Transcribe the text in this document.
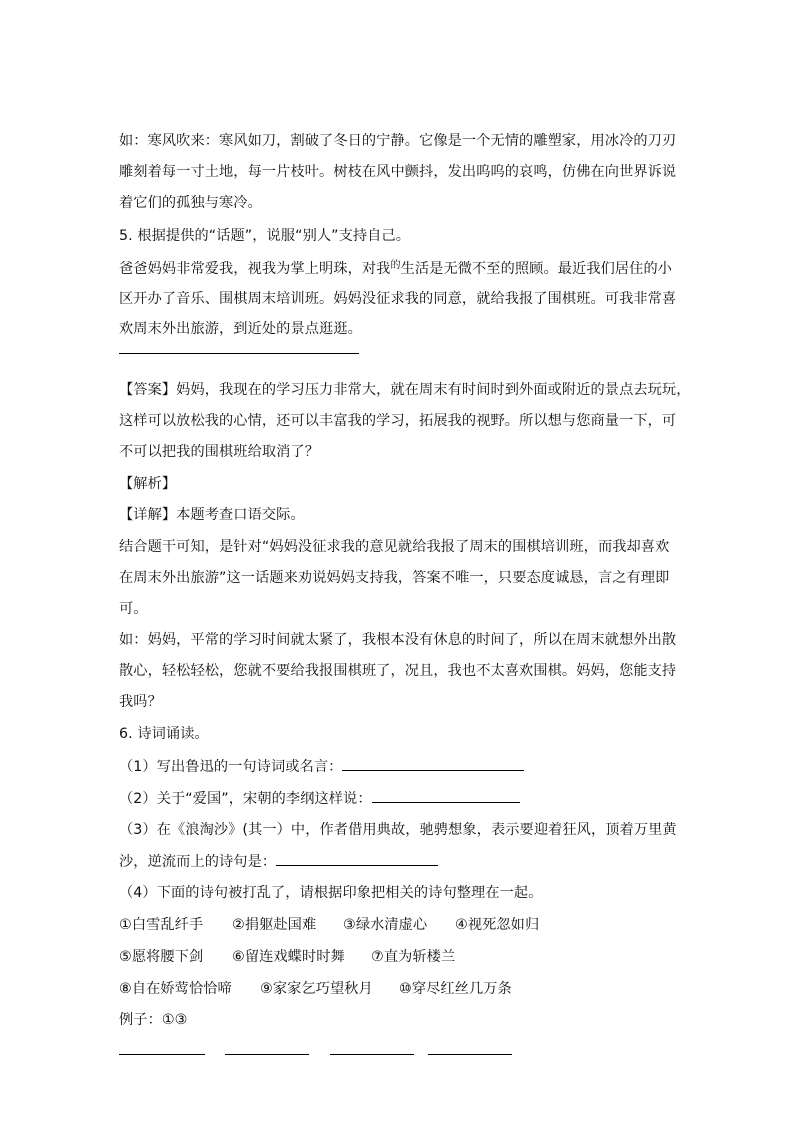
如：寒风吹来：寒风如刀，割破了冬日的宁静。它像是一个无情的雕塑家，用冰冷的刀刃
雕刻着每一寸土地，每一片枝叶。树枝在风中颤抖，发出呜呜的哀鸣，仿佛在向世界诉说
着它们的孤独与寒冷。
5. 根据提供的“话题”，说服“别人”支持自己。
爸爸妈妈非常爱我，视我为掌上明珠，对我$^的$生活是无微不至的照顾。最近我们居住的小
区开办了音乐、围棋周末培训班。妈妈没征求我的同意，就给我报了围棋班。可我非常喜
欢周末外出旅游，到近处的景点逛逛。
【答案】妈妈，我现在的学习压力非常大，就在周末有时间时到外面或附近的景点去玩玩，
这样可以放松我的心情，还可以丰富我的学习，拓展我的视野。所以想与您商量一下，可
不可以把我的围棋班给取消了？
【解析】
【详解】本题考查口语交际。
结合题干可知，是针对“妈妈没征求我的意见就给我报了周末的围棋培训班，而我却喜欢
在周末外出旅游”这一话题来劝说妈妈支持我，答案不唯一，只要态度诚恳，言之有理即
可。
如：妈妈，平常的学习时间就太紧了，我根本没有休息的时间了，所以在周末就想外出散
散心，轻松轻松，您就不要给我报围棋班了，况且，我也不太喜欢围棋。妈妈，您能支持
我吗？
6. 诗词诵读。
（1）写出鲁迅的一句诗词或名言：
（2）关于“爱国”，宋朝的李纲这样说：
（3）在《浪淘沙》(其一）中，作者借用典故，驰骋想象，表示要迎着狂风，顶着万里黄
沙，逆流而上的诗句是：
（4）下面的诗句被打乱了，请根据印象把相关的诗句整理在一起。
①白雪乱纤手 ②捐躯赴国难 ③绿水清虚心 ④视死忽如归
⑤愿将腰下剑 ⑥留连戏蝶时时舞 ⑦直为斩楼兰
⑧自在娇莺恰恰啼 ⑨家家乞巧望秋月 ⑩穿尽红丝几万条
例子：①③
